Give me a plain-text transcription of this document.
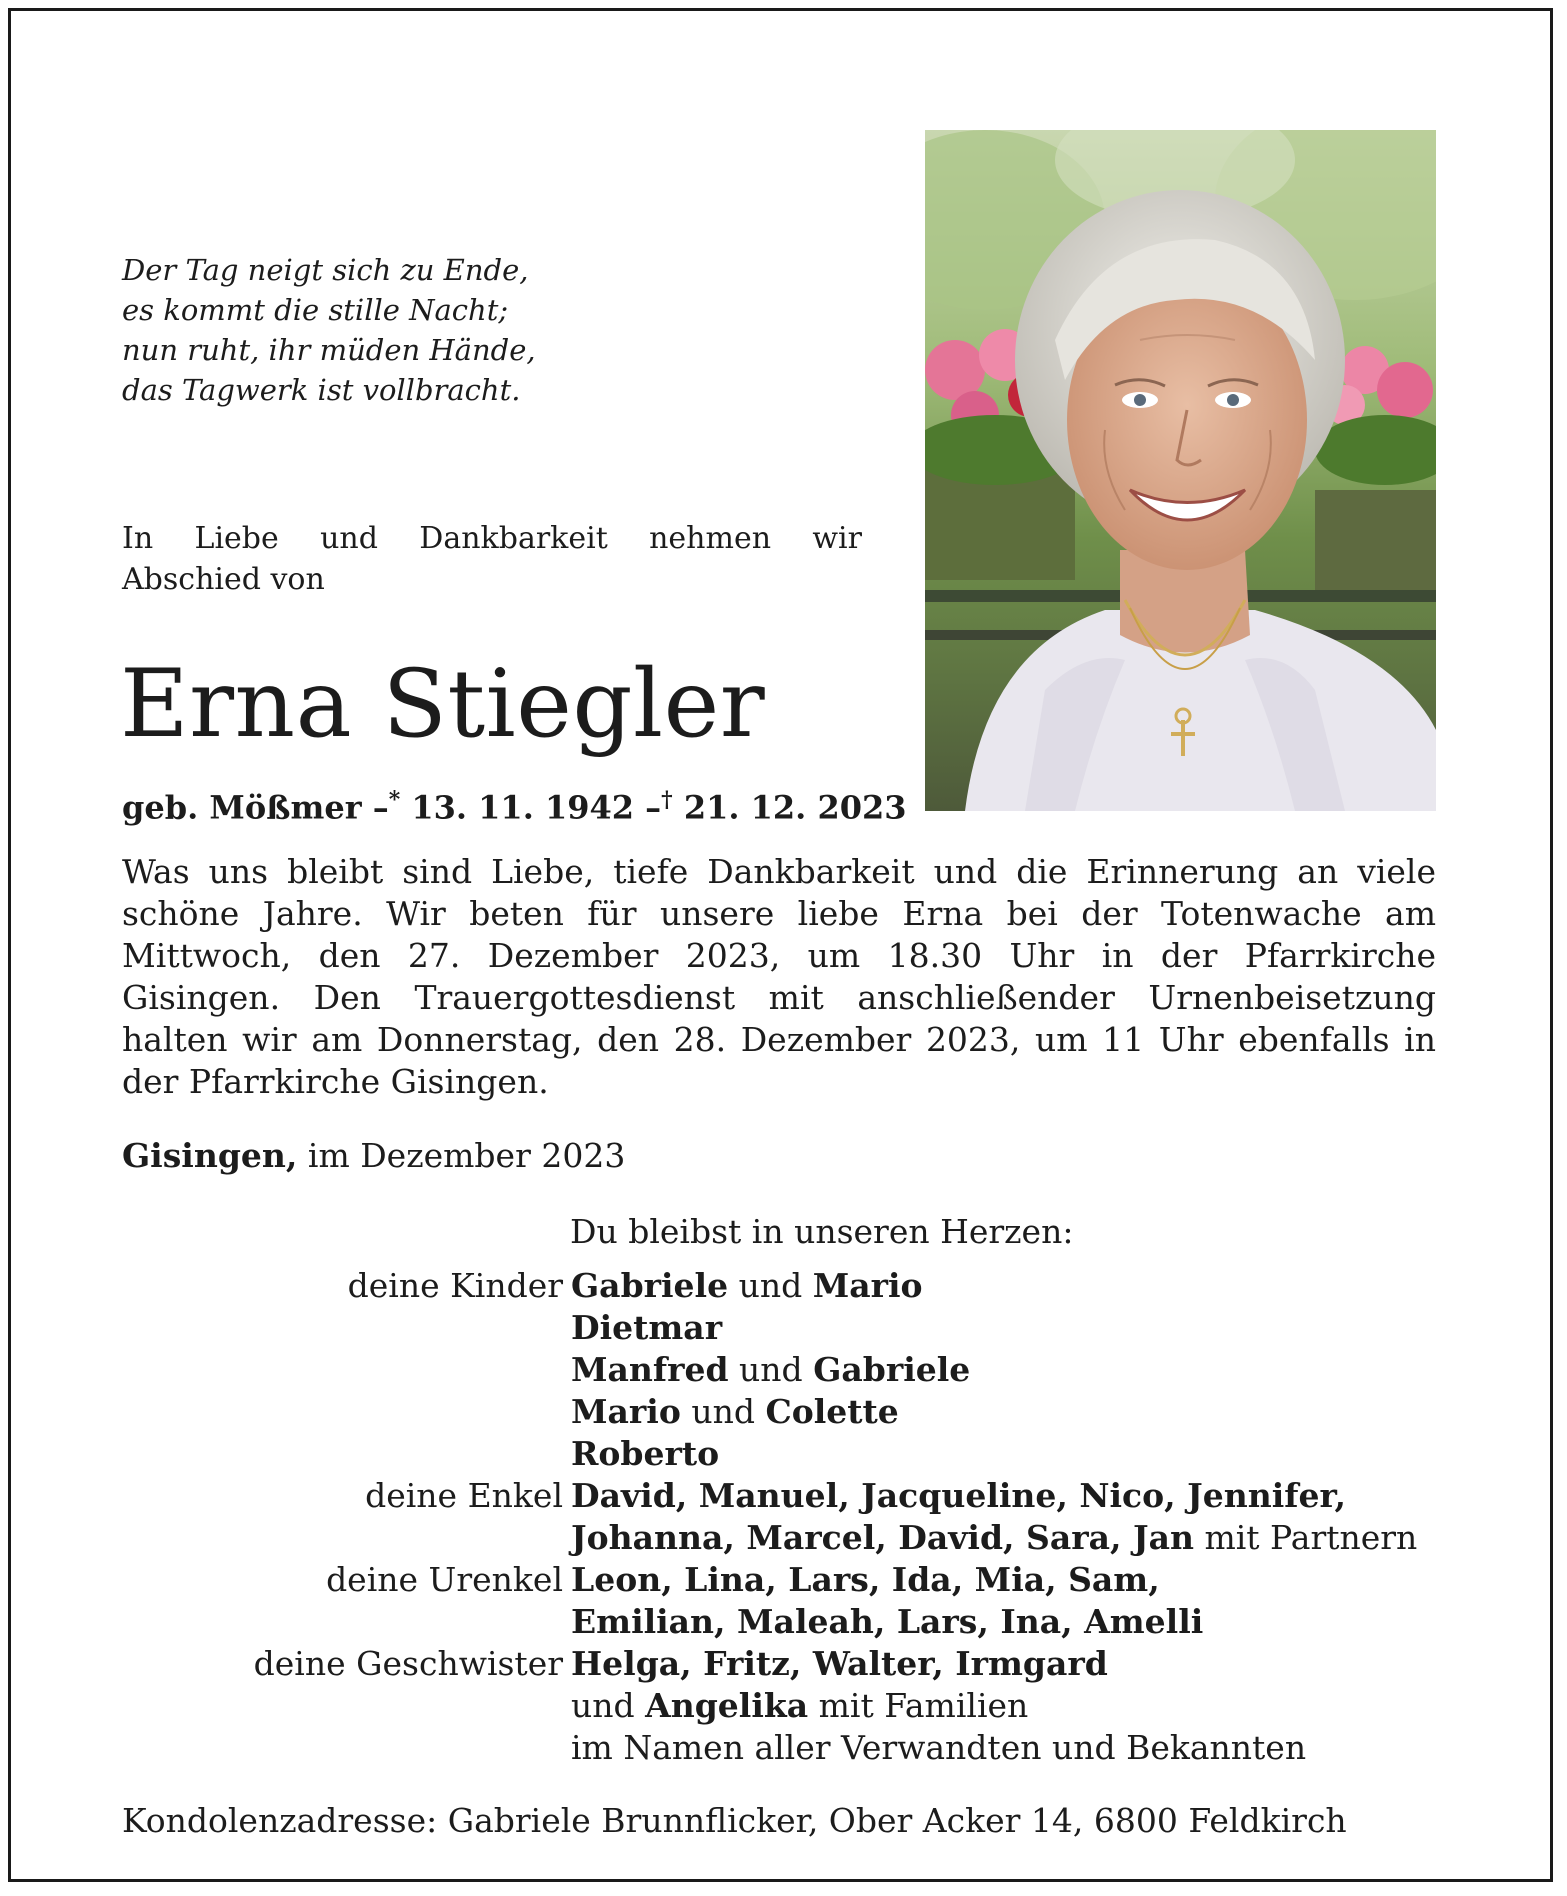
Der Tag neigt sich zu Ende,
es kommt die stille Nacht;
nun ruht, ihr müden Hände,
das Tagwerk ist vollbracht.
In Liebe und Dankbarkeit nehmen wir
Abschied von
Erna Stiegler
geb. Mößmer –* 13. 11. 1942 –† 21. 12. 2023
Was uns bleibt sind Liebe, tiefe Dankbarkeit und die Erinnerung an viele
schöne Jahre. Wir beten für unsere liebe Erna bei der Totenwache am
Mittwoch, den 27. Dezember 2023, um 18.30 Uhr in der Pfarrkirche
Gisingen. Den Trauergottesdienst mit anschließender Urnenbeisetzung
halten wir am Donnerstag, den 28. Dezember 2023, um 11 Uhr ebenfalls in
der Pfarrkirche Gisingen.
Gisingen, im Dezember 2023
Du bleibst in unseren Herzen:
deine Kinder Gabriele und Mario
Dietmar
Manfred und Gabriele
Mario und Colette
Roberto
deine Enkel David, Manuel, Jacqueline, Nico, Jennifer,
Johanna, Marcel, David, Sara, Jan mit Partnern
deine Urenkel Leon, Lina, Lars, Ida, Mia, Sam,
Emilian, Maleah, Lars, Ina, Amelli
deine Geschwister Helga, Fritz, Walter, Irmgard
und Angelika mit Familien
im Namen aller Verwandten und Bekannten
Kondolenzadresse: Gabriele Brunnflicker, Ober Acker 14, 6800 Feldkirch
